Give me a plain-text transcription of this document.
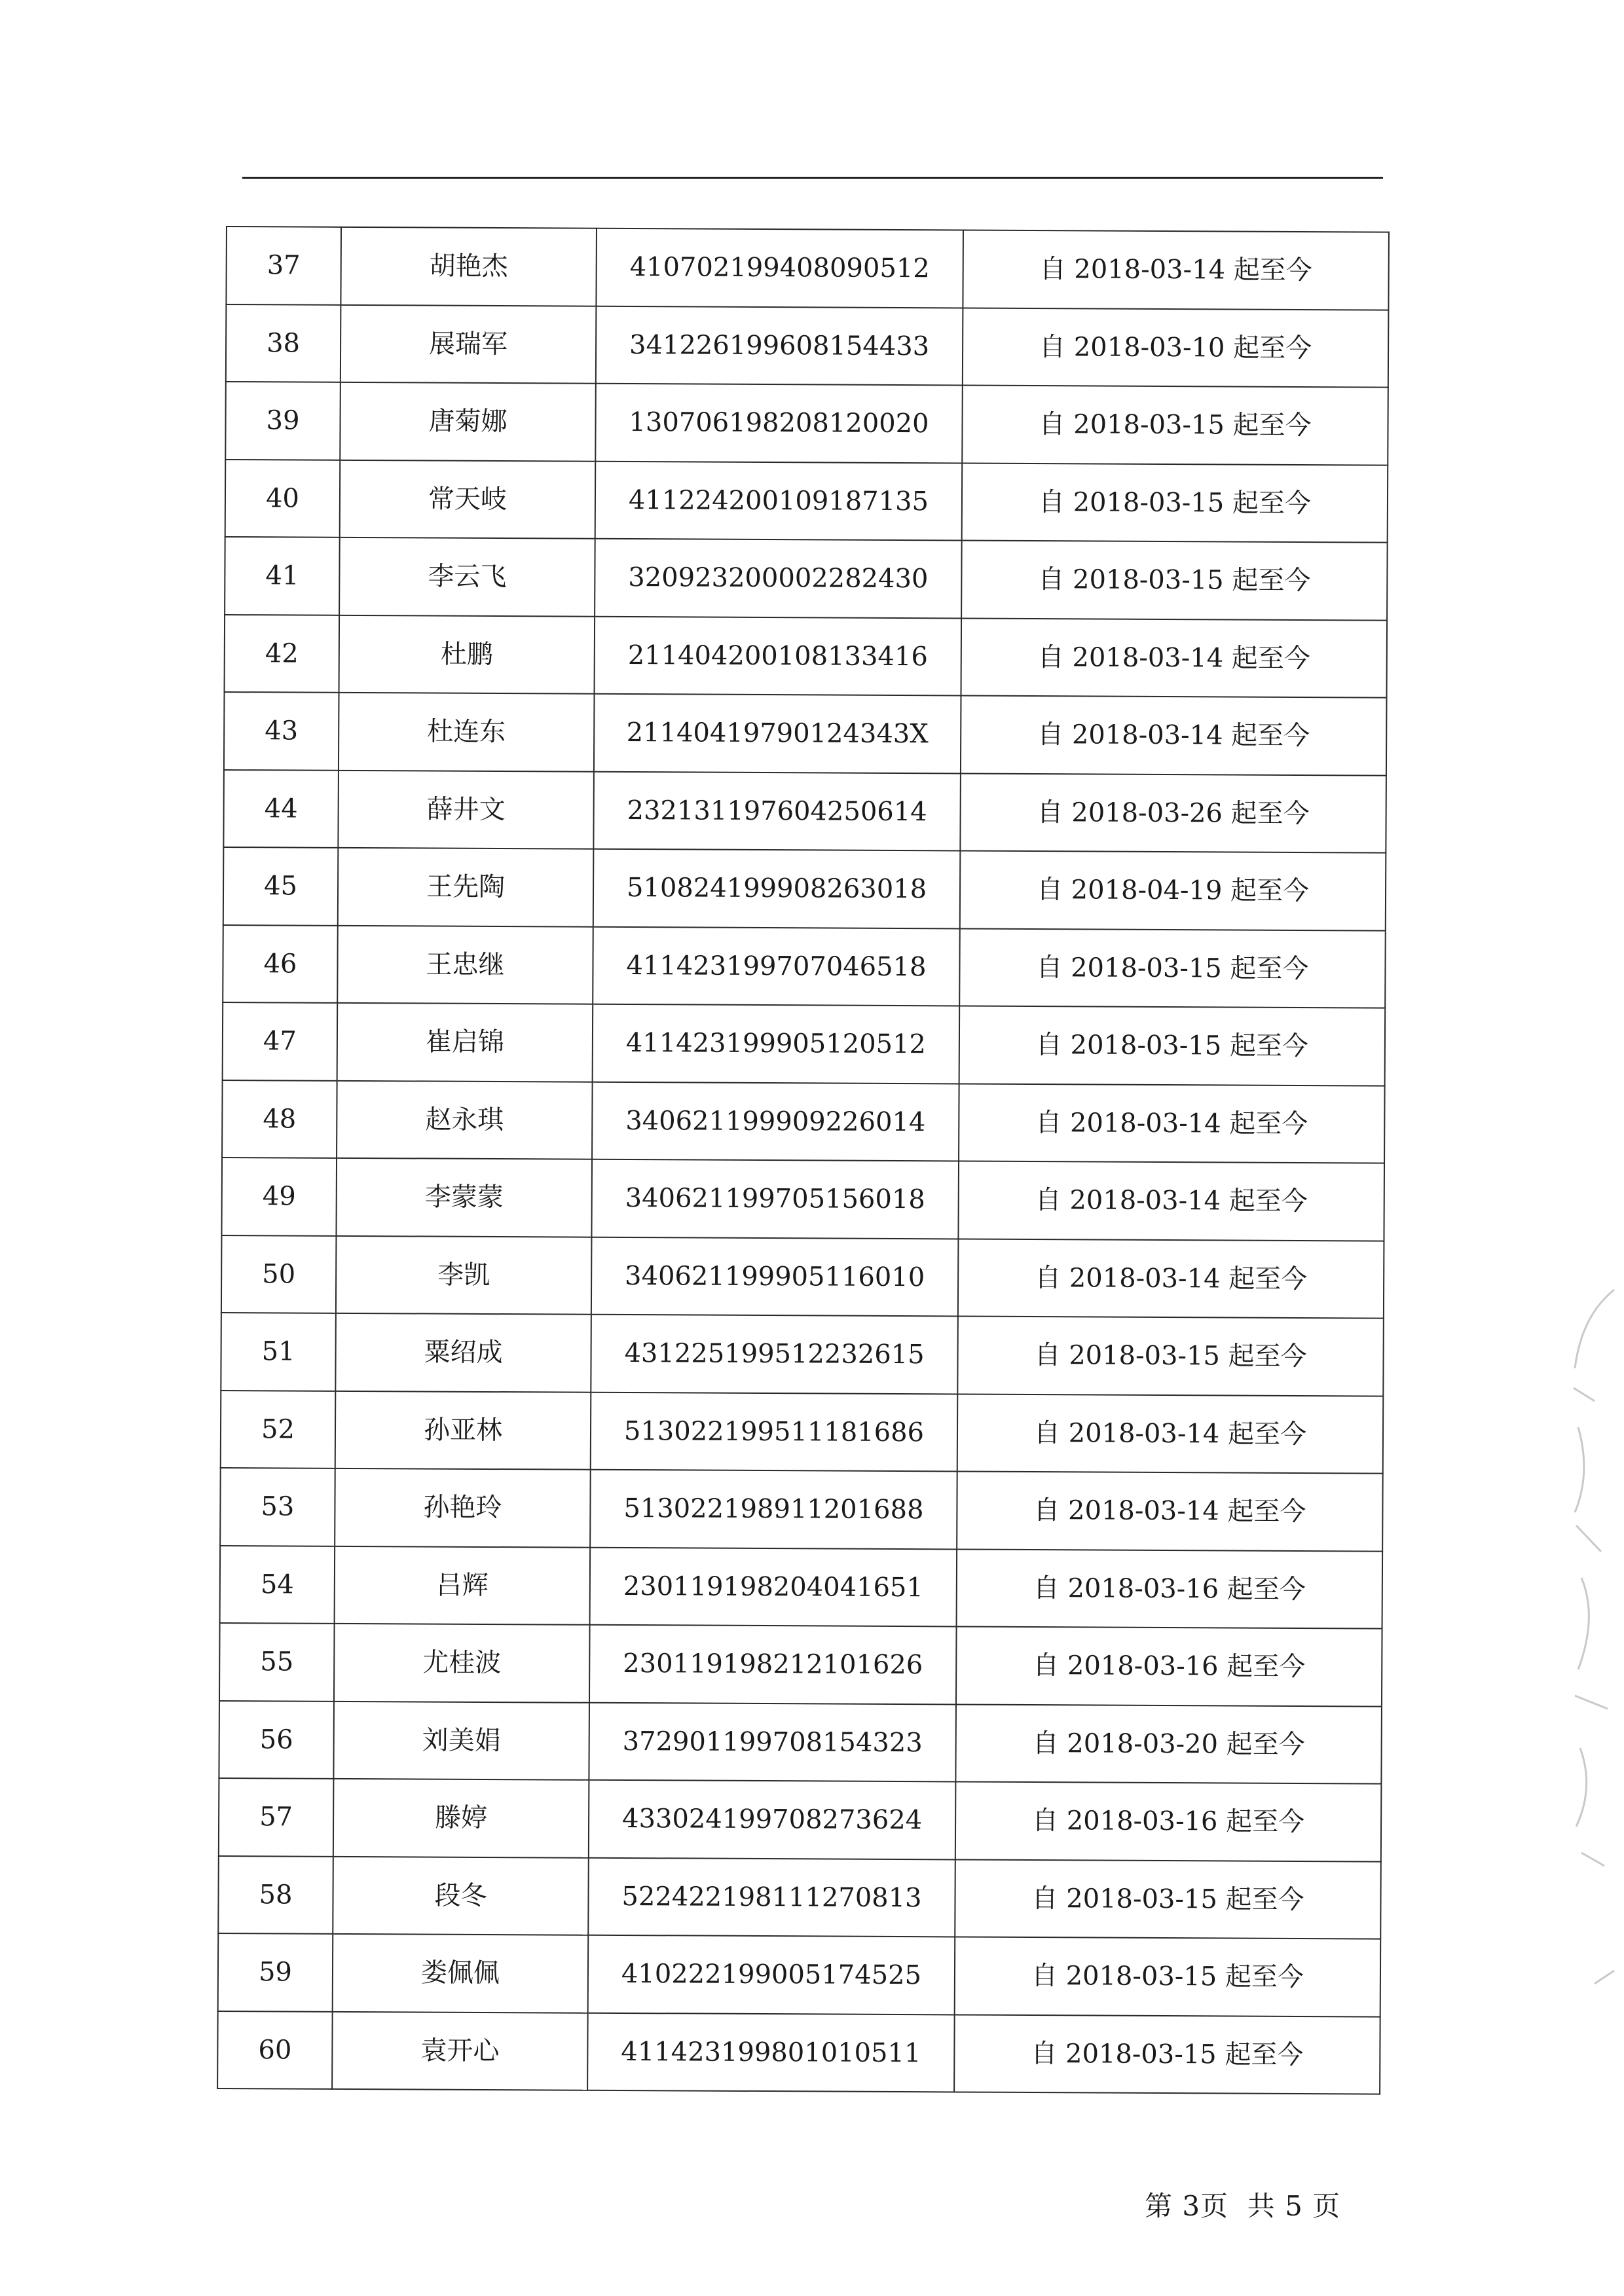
37	胡艳杰	410702199408090512	自 2018-03-14 起至今
38	展瑞军	341226199608154433	自 2018-03-10 起至今
39	唐菊娜	130706198208120020	自 2018-03-15 起至今
40	常天岐	411224200109187135	自 2018-03-15 起至今
41	李云飞	320923200002282430	自 2018-03-15 起至今
42	杜鹏	211404200108133416	自 2018-03-14 起至今
43	杜连东	21140419790124343X	自 2018-03-14 起至今
44	薛井文	232131197604250614	自 2018-03-26 起至今
45	王先陶	510824199908263018	自 2018-04-19 起至今
46	王忠继	411423199707046518	自 2018-03-15 起至今
47	崔启锦	411423199905120512	自 2018-03-15 起至今
48	赵永琪	340621199909226014	自 2018-03-14 起至今
49	李蒙蒙	340621199705156018	自 2018-03-14 起至今
50	李凯	340621199905116010	自 2018-03-14 起至今
51	粟绍成	431225199512232615	自 2018-03-15 起至今
52	孙亚林	513022199511181686	自 2018-03-14 起至今
53	孙艳玲	513022198911201688	自 2018-03-14 起至今
54	吕辉	230119198204041651	自 2018-03-16 起至今
55	尤桂波	230119198212101626	自 2018-03-16 起至今
56	刘美娟	372901199708154323	自 2018-03-20 起至今
57	滕婷	433024199708273624	自 2018-03-16 起至今
58	段冬	522422198111270813	自 2018-03-15 起至今
59	娄佩佩	410222199005174525	自 2018-03-15 起至今
60	袁开心	411423199801010511	自 2018-03-15 起至今
第 3页 共 5 页
